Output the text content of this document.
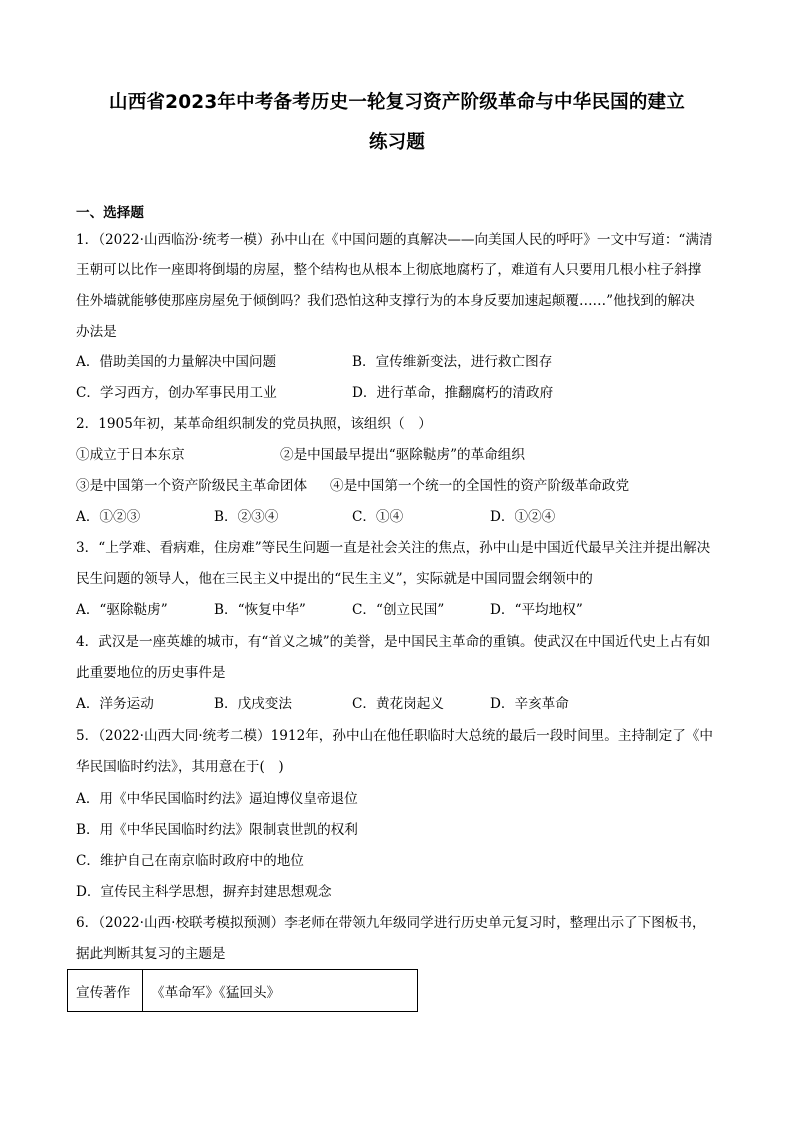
山西省2023年中考备考历史一轮复习资产阶级革命与中华民国的建立
练习题
一、选择题
1．（2022·山西临汾·统考一模）孙中山在《中国问题的真解决——向美国人民的呼吁》一文中写道：“满清
王朝可以比作一座即将倒塌的房屋，整个结构也从根本上彻底地腐朽了，难道有人只要用几根小柱子斜撑
住外墙就能够使那座房屋免于倾倒吗？我们恐怕这种支撑行为的本身反要加速起颠覆……”他找到的解决
办法是
A．借助美国的力量解决中国问题	B．宣传维新变法，进行救亡图存
C．学习西方，创办军事民用工业	D．进行革命，推翻腐朽的清政府
2．1905年初，某革命组织制发的党员执照，该组织（　）
①成立于日本东京	②是中国最早提出“驱除鞑虏”的革命组织
③是中国第一个资产阶级民主革命团体 ④是中国第一个统一的全国性的资产阶级革命政党
A．①②③	B．②③④	C．①④	D．①②④
3．“上学难、看病难，住房难”等民生问题一直是社会关注的焦点，孙中山是中国近代最早关注并提出解决
民生问题的领导人，他在三民主义中提出的“民生主义”，实际就是中国同盟会纲领中的
A．“驱除鞑虏”	B．“恢复中华”	C．“创立民国”	D．“平均地权”
4．武汉是一座英雄的城市，有“首义之城”的美誉，是中国民主革命的重镇。使武汉在中国近代史上占有如
此重要地位的历史事件是
A．洋务运动	B．戊戌变法	C．黄花岗起义	D．辛亥革命
5．（2022·山西大同·统考二模）1912年，孙中山在他任职临时大总统的最后一段时间里。主持制定了《中
华民国临时约法》，其用意在于(　)
A．用《中华民国临时约法》逼迫博仪皇帝退位
B．用《中华民国临时约法》限制袁世凯的权利
C．维护自己在南京临时政府中的地位
D．宣传民主科学思想，摒弃封建思想观念
6．（2022·山西·校联考模拟预测）李老师在带领九年级同学进行历史单元复习时，整理出示了下图板书，
据此判断其复习的主题是
宣传著作	《革命军》《猛回头》
